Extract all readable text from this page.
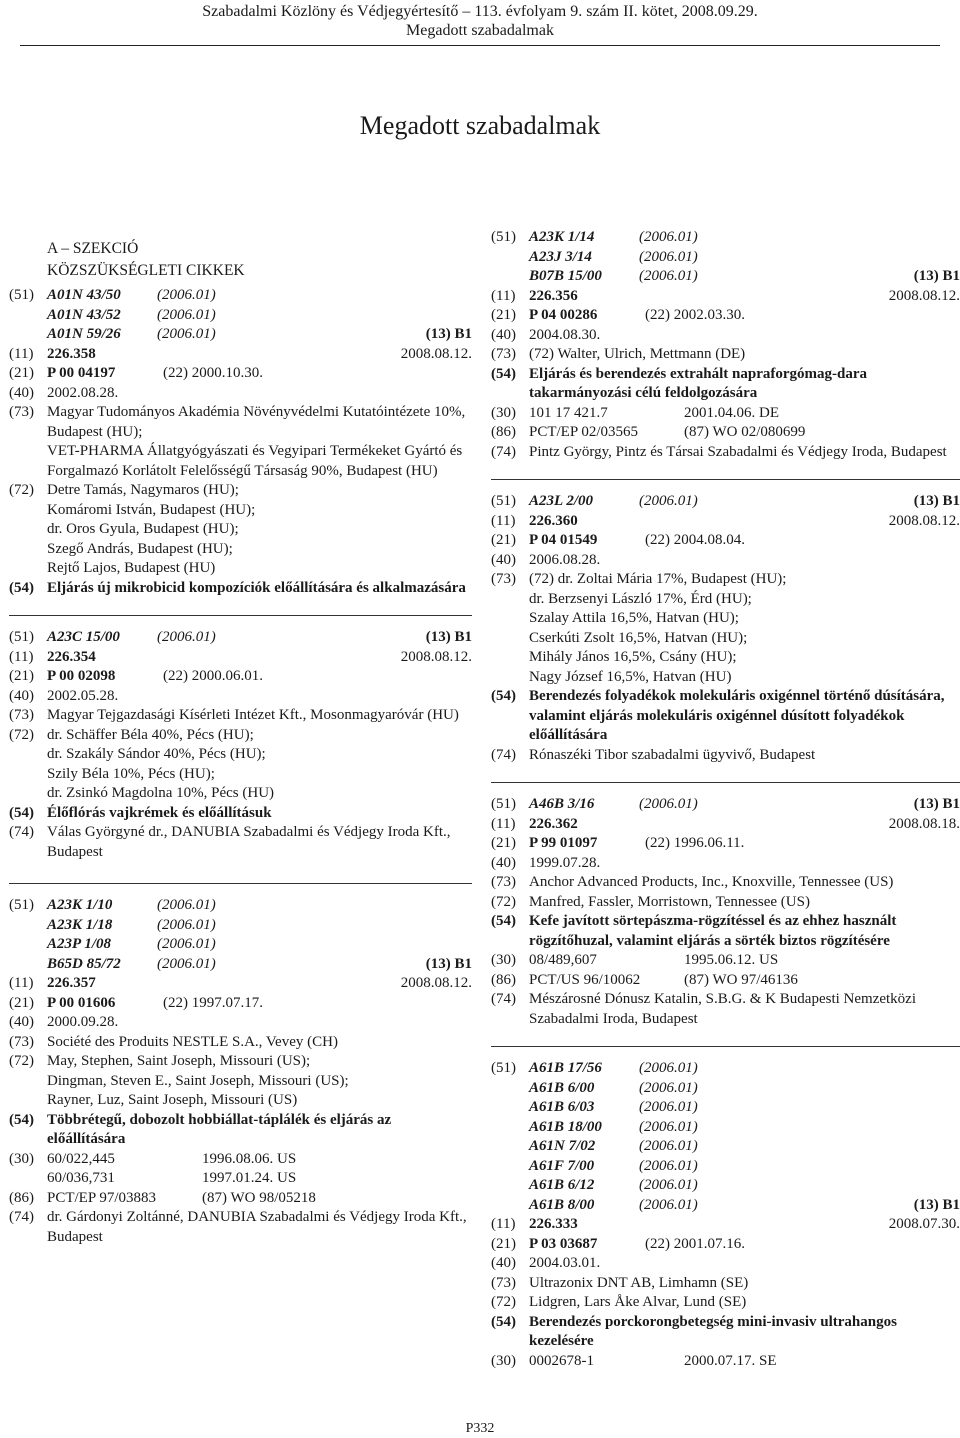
Szabadalmi Közlöny és Védjegyértesítő – 113. évfolyam 9. szám II. kötet, 2008.09.29.
Megadott szabadalmak
Megadott szabadalmak
A – SZEKCIÓ
KÖZSZÜKSÉGLETI CIKKEK
(51) A01N 43/50	(2006.01)
A01N 43/52	(2006.01)
A01N 59/26	(2006.01)	(13) B1
(11) 226.358	2008.08.12.
(21) P 00 04197	(22) 2000.10.30.
(40) 2002.08.28.
(73) Magyar Tudományos Akadémia Növényvédelmi Kutatóintézete 10%, Budapest (HU);
VET-PHARMA Állatgyógyászati és Vegyipari Termékeket Gyártó és Forgalmazó Korlátolt Felelősségű Társaság 90%, Budapest (HU)
(72) Detre Tamás, Nagymaros (HU);
Komáromi István, Budapest (HU);
dr. Oros Gyula, Budapest (HU);
Szegő András, Budapest (HU);
Rejtő Lajos, Budapest (HU)
(54) Eljárás új mikrobicid kompozíciók előállítására és alkalmazására
(51) A23C 15/00	(2006.01)	(13) B1
(11) 226.354	2008.08.12.
(21) P 00 02098	(22) 2000.06.01.
(40) 2002.05.28.
(73) Magyar Tejgazdasági Kísérleti Intézet Kft., Mosonmagyaróvár (HU)
(72) dr. Schäffer Béla 40%, Pécs (HU);
dr. Szakály Sándor 40%, Pécs (HU);
Szily Béla 10%, Pécs (HU);
dr. Zsinkó Magdolna 10%, Pécs (HU)
(54) Élőflórás vajkrémek és előállításuk
(74) Válas Györgyné dr., DANUBIA Szabadalmi és Védjegy Iroda Kft., Budapest
(51) A23K 1/10	(2006.01)
A23K 1/18	(2006.01)
A23P 1/08	(2006.01)
B65D 85/72	(2006.01)	(13) B1
(11) 226.357	2008.08.12.
(21) P 00 01606	(22) 1997.07.17.
(40) 2000.09.28.
(73) Société des Produits NESTLE S.A., Vevey (CH)
(72) May, Stephen, Saint Joseph, Missouri (US);
Dingman, Steven E., Saint Joseph, Missouri (US);
Rayner, Luz, Saint Joseph, Missouri (US)
(54) Többrétegű, dobozolt hobbiállat-táplálék és eljárás az előállítására
(30) 60/022,445	1996.08.06. US
60/036,731	1997.01.24. US
(86) PCT/EP 97/03883	(87) WO 98/05218
(74) dr. Gárdonyi Zoltánné, DANUBIA Szabadalmi és Védjegy Iroda Kft., Budapest
(51) A23K 1/14	(2006.01)
A23J 3/14	(2006.01)
B07B 15/00	(2006.01)	(13) B1
(11) 226.356	2008.08.12.
(21) P 04 00286	(22) 2002.03.30.
(40) 2004.08.30.
(73) (72) Walter, Ulrich, Mettmann (DE)
(54) Eljárás és berendezés extrahált napraforgómag-dara takarmányozási célú feldolgozására
(30) 101 17 421.7	2001.04.06. DE
(86) PCT/EP 02/03565	(87) WO 02/080699
(74) Pintz György, Pintz és Társai Szabadalmi és Védjegy Iroda, Budapest
(51) A23L 2/00	(2006.01)	(13) B1
(11) 226.360	2008.08.12.
(21) P 04 01549	(22) 2004.08.04.
(40) 2006.08.28.
(73) (72) dr. Zoltai Mária 17%, Budapest (HU);
dr. Berzsenyi László 17%, Érd (HU);
Szalay Attila 16,5%, Hatvan (HU);
Cserkúti Zsolt 16,5%, Hatvan (HU);
Mihály János 16,5%, Csány (HU);
Nagy József 16,5%, Hatvan (HU)
(54) Berendezés folyadékok molekuláris oxigénnel történő dúsítására, valamint eljárás molekuláris oxigénnel dúsított folyadékok előállítására
(74) Rónaszéki Tibor szabadalmi ügyvivő, Budapest
(51) A46B 3/16	(2006.01)	(13) B1
(11) 226.362	2008.08.18.
(21) P 99 01097	(22) 1996.06.11.
(40) 1999.07.28.
(73) Anchor Advanced Products, Inc., Knoxville, Tennessee (US)
(72) Manfred, Fassler, Morristown, Tennessee (US)
(54) Kefe javított sörtepászma-rögzítéssel és az ehhez használt rögzítőhuzal, valamint eljárás a sörték biztos rögzítésére
(30) 08/489,607	1995.06.12. US
(86) PCT/US 96/10062	(87) WO 97/46136
(74) Mészárosné Dónusz Katalin, S.B.G. & K Budapesti Nemzetközi Szabadalmi Iroda, Budapest
(51) A61B 17/56	(2006.01)
A61B 6/00	(2006.01)
A61B 6/03	(2006.01)
A61B 18/00	(2006.01)
A61N 7/02	(2006.01)
A61F 7/00	(2006.01)
A61B 6/12	(2006.01)
A61B 8/00	(2006.01)	(13) B1
(11) 226.333	2008.07.30.
(21) P 03 03687	(22) 2001.07.16.
(40) 2004.03.01.
(73) Ultrazonix DNT AB, Limhamn (SE)
(72) Lidgren, Lars Åke Alvar, Lund (SE)
(54) Berendezés porckorongbetegség mini-invasiv ultrahangos kezelésére
(30) 0002678-1	2000.07.17. SE
P332
